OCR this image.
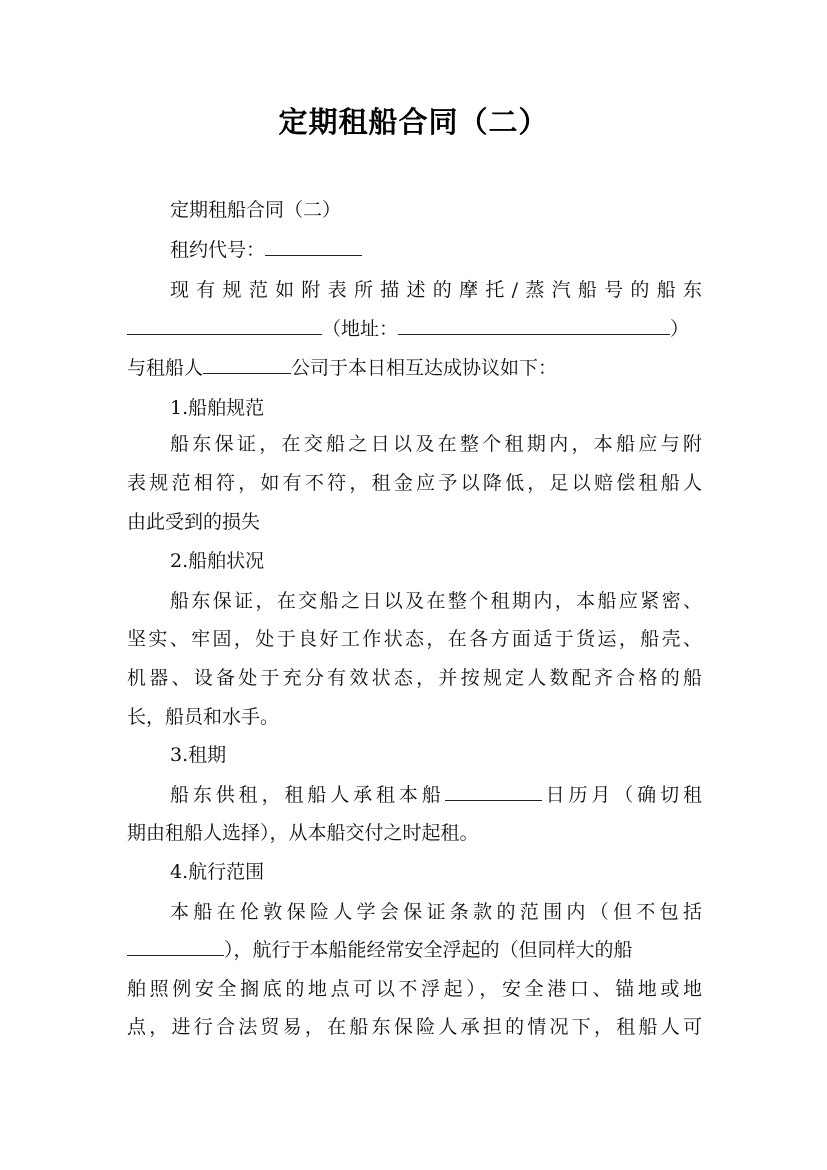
定期租船合同（二）
定期租船合同（二）
租约代号：
现有规范如附表所描述的摩托/蒸汽船号的船东
（地址：	）
与租船人	公司于本日相互达成协议如下：
1.船舶规范
船东保证，在交船之日以及在整个租期内，本船应与附
表规范相符，如有不符，租金应予以降低，足以赔偿租船人
由此受到的损失
2.船舶状况
船东保证，在交船之日以及在整个租期内，本船应紧密、
坚实、牢固，处于良好工作状态，在各方面适于货运，船壳、
机器、设备处于充分有效状态，并按规定人数配齐合格的船
长，船员和水手。
3.租期
船东供租，租船人承租本船	日历月（确切租
期由租船人选择），从本船交付之时起租。
4.航行范围
本船在伦敦保险人学会保证条款的范围内（但不包括
），航行于本船能经常安全浮起的（但同样大的船
舶照例安全搁底的地点可以不浮起），安全港口、锚地或地
点，进行合法贸易，在船东保险人承担的情况下，租船人可
